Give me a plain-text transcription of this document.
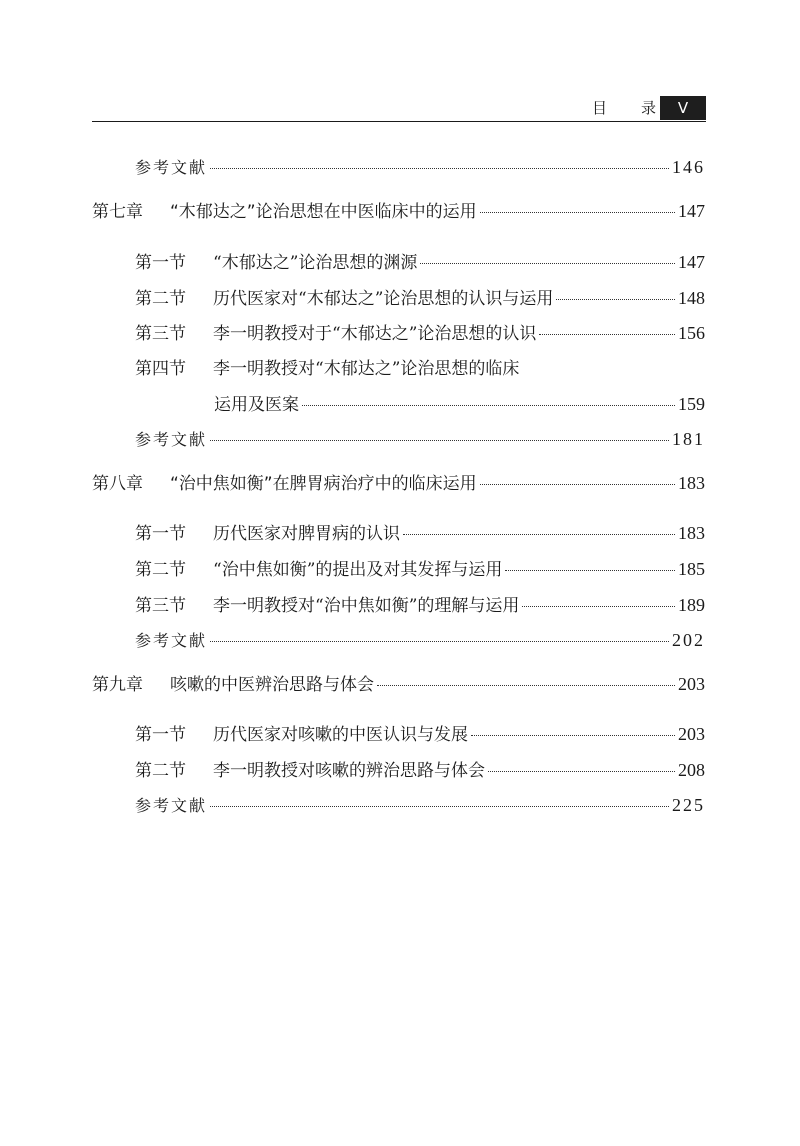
目 录	V
参考文献	146
第七章 “木郁达之”论治思想在中医临床中的运用	147
第一节 “木郁达之”论治思想的渊源	147
第二节 历代医家对“木郁达之”论治思想的认识与运用	148
第三节 李一明教授对于“木郁达之”论治思想的认识	156
第四节 李一明教授对“木郁达之”论治思想的临床
运用及医案	159
参考文献	181
第八章 “治中焦如衡”在脾胃病治疗中的临床运用	183
第一节 历代医家对脾胃病的认识	183
第二节 “治中焦如衡”的提出及对其发挥与运用	185
第三节 李一明教授对“治中焦如衡”的理解与运用	189
参考文献	202
第九章 咳嗽的中医辨治思路与体会	203
第一节 历代医家对咳嗽的中医认识与发展	203
第二节 李一明教授对咳嗽的辨治思路与体会	208
参考文献	225
